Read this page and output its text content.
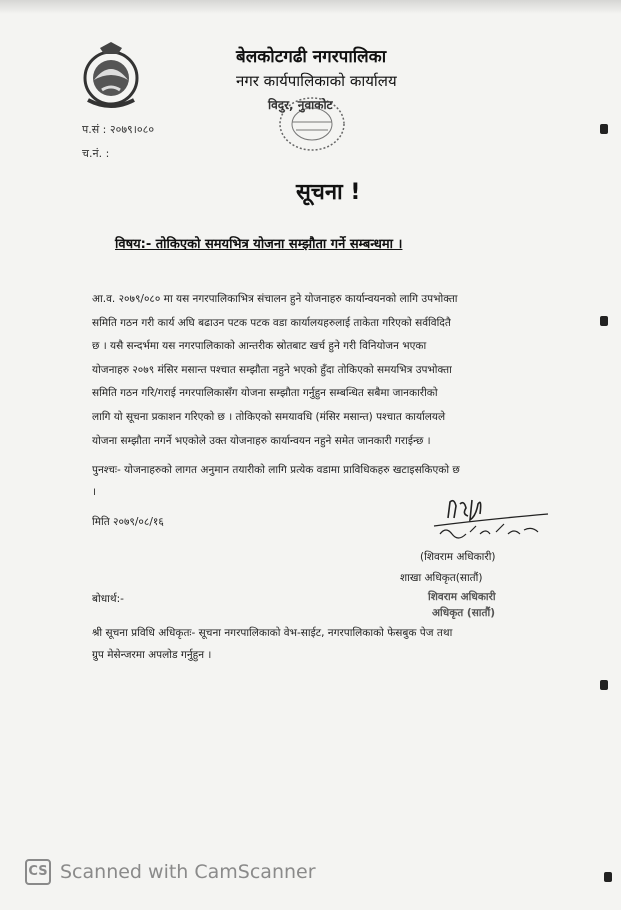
बेलकोटगढी नगरपालिका
नगर कार्यपालिकाको कार्यालय
विदुर, नुवाकोट
प.सं : २०७९।०८०
च.नं. :
सूचना !
विषय:- तोकिएको समयभित्र योजना सम्झौता गर्ने सम्बन्धमा ।
आ.व. २०७९/०८० मा यस नगरपालिकाभित्र संचालन हुने योजनाहरु कार्यान्वयनको लागि उपभोक्ता
समिति गठन गरी कार्य अघि बढाउन पटक पटक वडा कार्यालयहरुलाई ताकेता गरिएको सर्वविदितै
छ । यसै सन्दर्भमा यस नगरपालिकाको आन्तरीक स्रोतबाट खर्च हुने गरी विनियोजन भएका
योजनाहरु २०७९ मंसिर मसान्त पश्चात सम्झौता नहुने भएको हुँदा तोकिएको समयभित्र उपभोक्ता
समिति गठन गरि/गराई नगरपालिकासँग योजना सम्झौता गर्नुहुन सम्बन्धित सबैमा जानकारीको
लागि यो सूचना प्रकाशन गरिएको छ । तोकिएको समयावधि (मंसिर मसान्त) पश्चात कार्यालयले
योजना सम्झौता नगर्ने भएकोले उक्त योजनाहरु कार्यान्वयन नहुने समेत जानकारी गराईन्छ ।
पुनश्चः- योजनाहरुको लागत अनुमान तयारीको लागि प्रत्येक वडामा प्राविधिकहरु खटाइसकिएको छ
।
मिति २०७९/०८/१६
(शिवराम अधिकारी)
शाखा अधिकृत(सातौं)
बोधार्थ:-	शिवराम अधिकारी
अधिकृत (सातौं)
श्री सूचना प्रविधि अधिकृतः- सूचना नगरपालिकाको वेभ-साईट, नगरपालिकाको फेसबुक पेज तथा
ग्रुप मेसेन्जरमा अपलोड गर्नुहुन ।
CS Scanned with CamScanner
